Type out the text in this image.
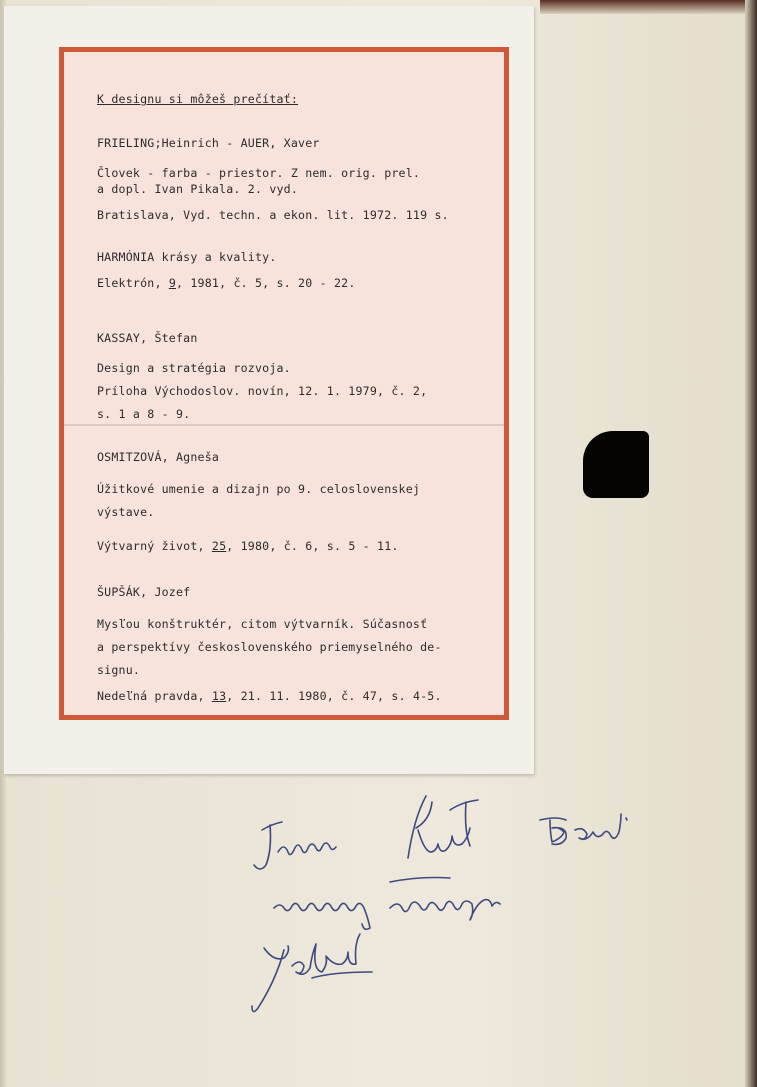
K designu si môžeš prečítať:
FRIELING;Heinrich - AUER, Xaver
Človek - farba - priestor. Z nem. orig. prel.
a dopl. Ivan Pikala. 2. vyd.
Bratislava, Vyd. techn. a ekon. lit. 1972. 119 s.
HARMÓNIA krásy a kvality.
Elektrón, 9, 1981, č. 5, s. 20 - 22.
KASSAY, Štefan
Design a stratégia rozvoja.
Príloha Východoslov. novín, 12. 1. 1979, č. 2,
s. 1 a 8 - 9.
OSMITZOVÁ, Agneša
Úžitkové umenie a dizajn po 9. celoslovenskej
výstave.
Výtvarný život, 25, 1980, č. 6, s. 5 - 11.
ŠUPŠÁK, Jozef
Mysľou konštruktér, citom výtvarník. Súčasnosť
a perspektívy československého priemyselného de-
signu.
Nedeľná pravda, 13, 21. 11. 1980, č. 47, s. 4-5.
